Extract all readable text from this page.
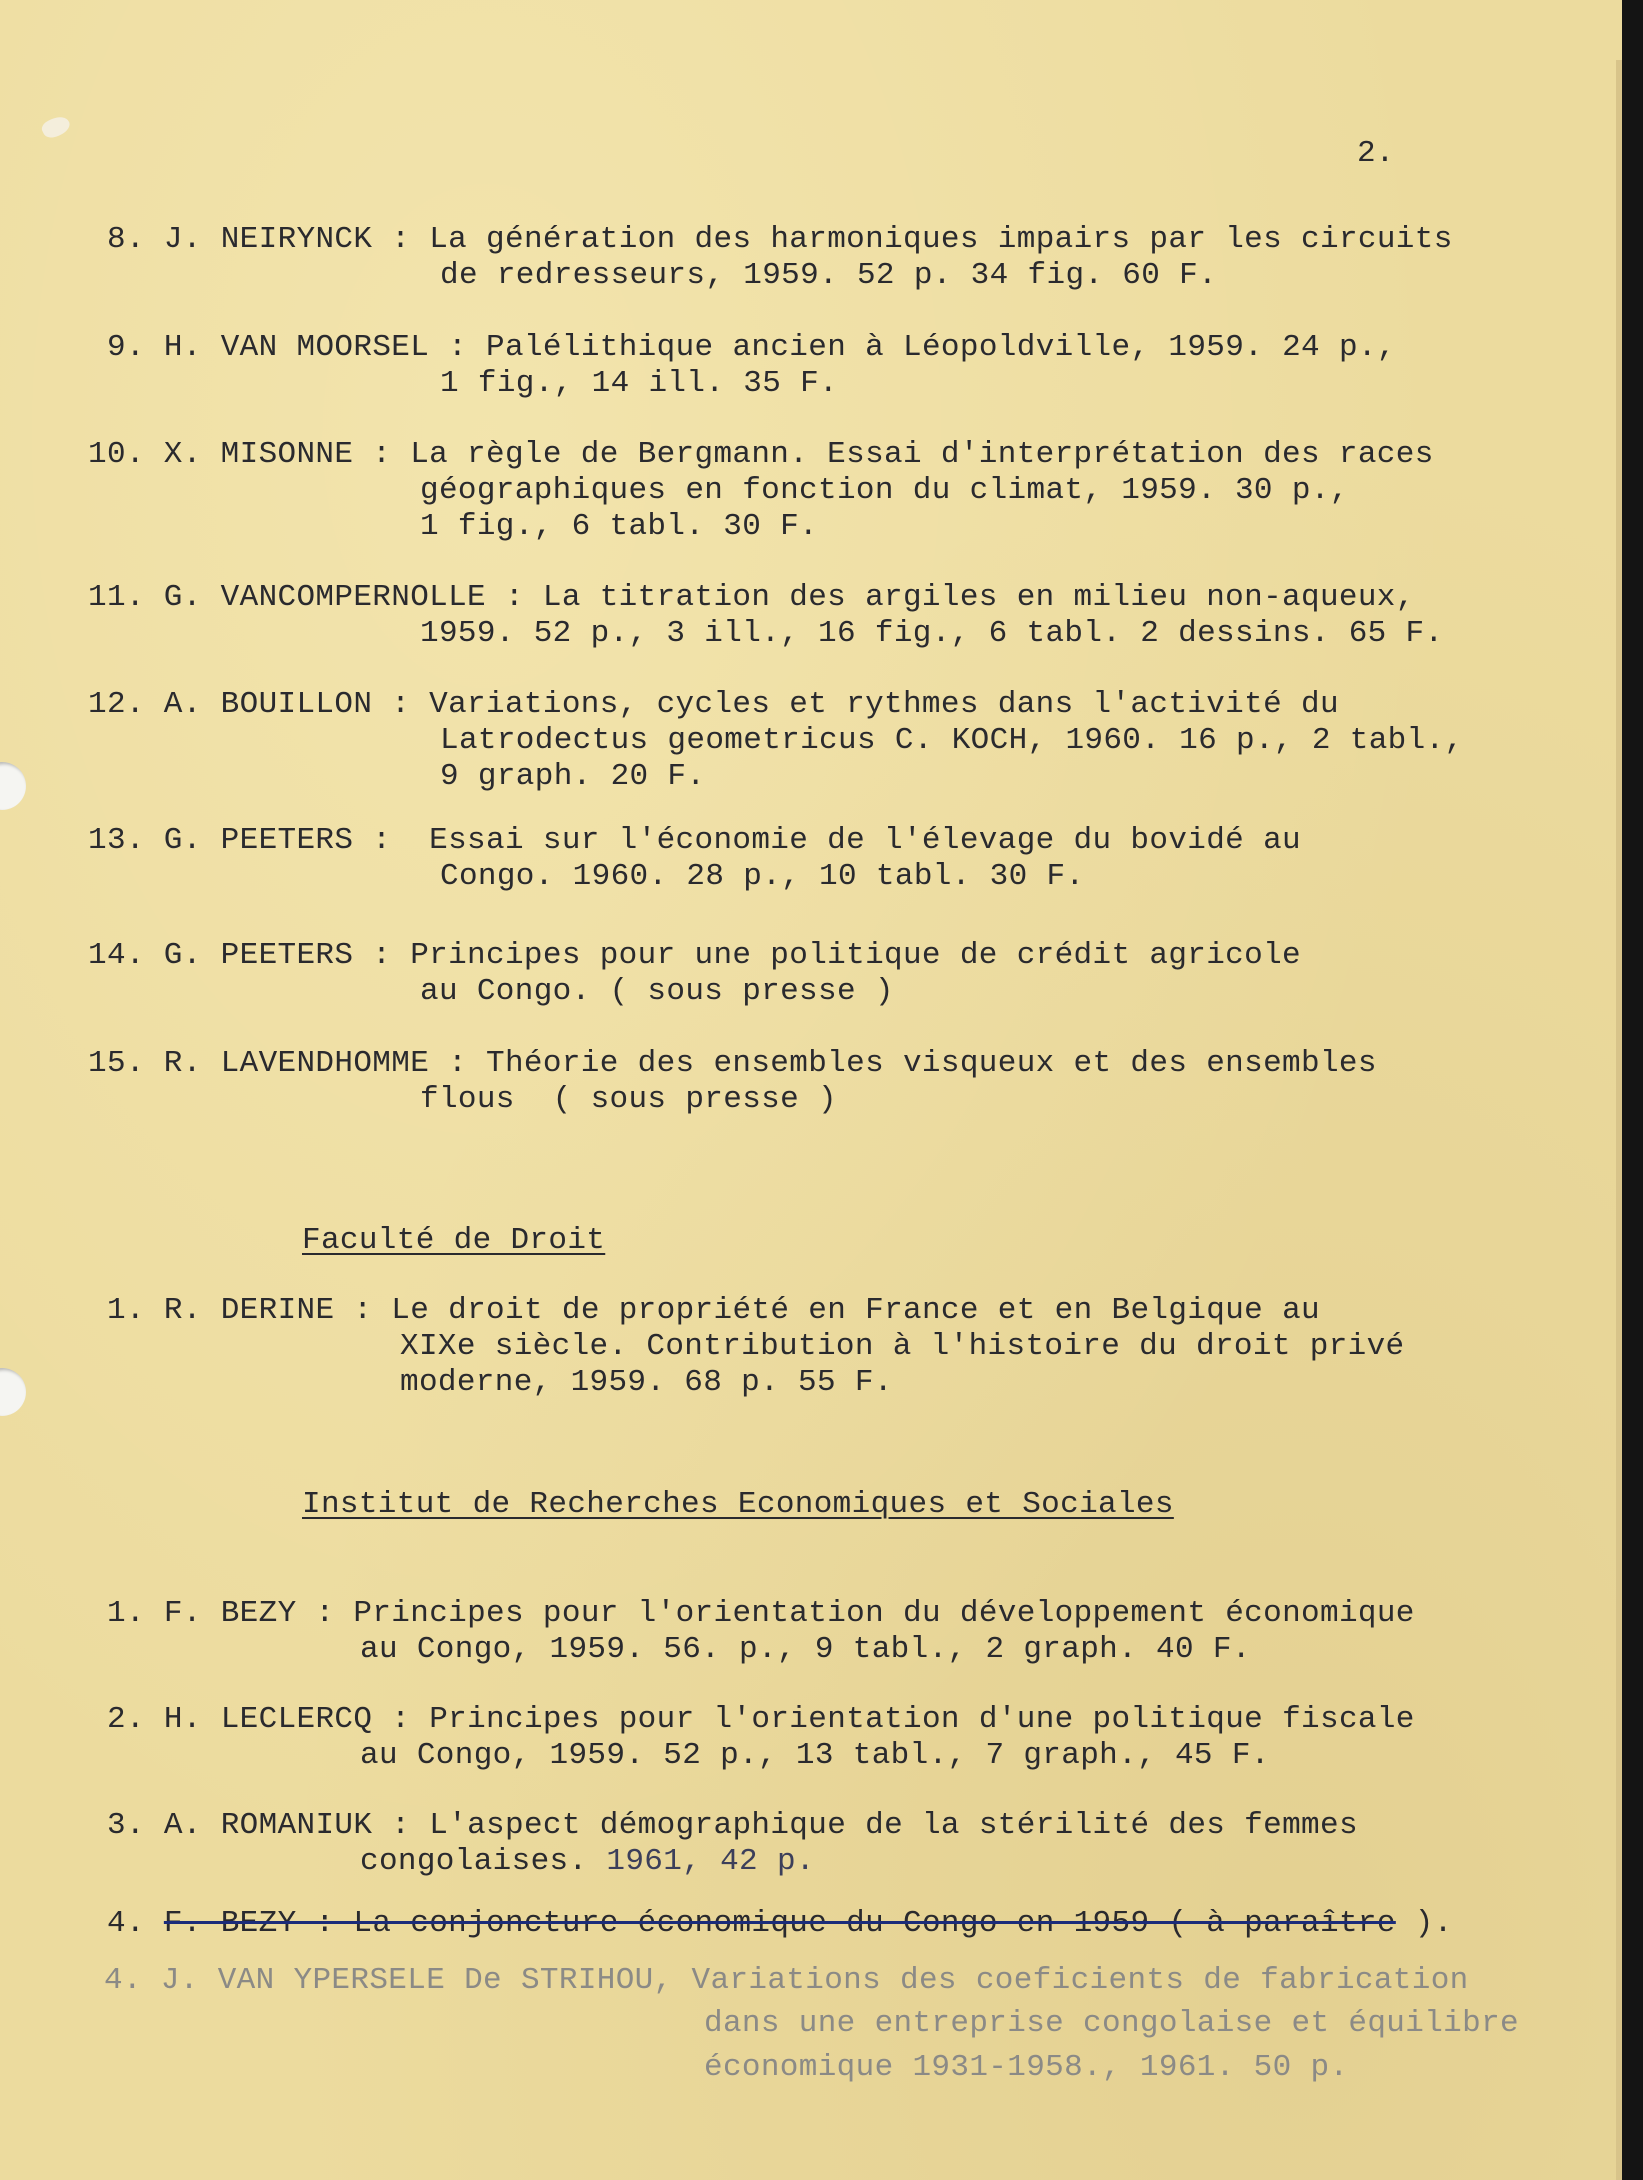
2.
8. J. NEIRYNCK : La génération des harmoniques impairs par les circuits
de redresseurs, 1959. 52 p. 34 fig. 60 F.
9. H. VAN MOORSEL : Palélithique ancien à Léopoldville, 1959. 24 p.,
1 fig., 14 ill. 35 F.
10. X. MISONNE : La règle de Bergmann. Essai d'interprétation des races
géographiques en fonction du climat, 1959. 30 p.,
1 fig., 6 tabl. 30 F.
11. G. VANCOMPERNOLLE : La titration des argiles en milieu non-aqueux,
1959. 52 p., 3 ill., 16 fig., 6 tabl. 2 dessins. 65 F.
12. A. BOUILLON : Variations, cycles et rythmes dans l'activité du
Latrodectus geometricus C. KOCH, 1960. 16 p., 2 tabl.,
9 graph. 20 F.
13. G. PEETERS :  Essai sur l'économie de l'élevage du bovidé au
Congo. 1960. 28 p., 10 tabl. 30 F.
14. G. PEETERS : Principes pour une politique de crédit agricole
au Congo. ( sous presse )
15. R. LAVENDHOMME : Théorie des ensembles visqueux et des ensembles
flous  ( sous presse )
Faculté de Droit
1. R. DERINE : Le droit de propriété en France et en Belgique au
XIXe siècle. Contribution à l'histoire du droit privé
moderne, 1959. 68 p. 55 F.
Institut de Recherches Economiques et Sociales
1. F. BEZY : Principes pour l'orientation du développement économique
au Congo, 1959. 56. p., 9 tabl., 2 graph. 40 F.
2. H. LECLERCQ : Principes pour l'orientation d'une politique fiscale
au Congo, 1959. 52 p., 13 tabl., 7 graph., 45 F.
3. A. ROMANIUK : L'aspect démographique de la stérilité des femmes
congolaises. 1961, 42 p.
4. F. BEZY : La conjoncture économique du Congo en 1959 ( à paraître ).
4. J. VAN YPERSELE De STRIHOU, Variations des coeficients de fabrication
dans une entreprise congolaise et équilibre
économique 1931-1958., 1961. 50 p.
